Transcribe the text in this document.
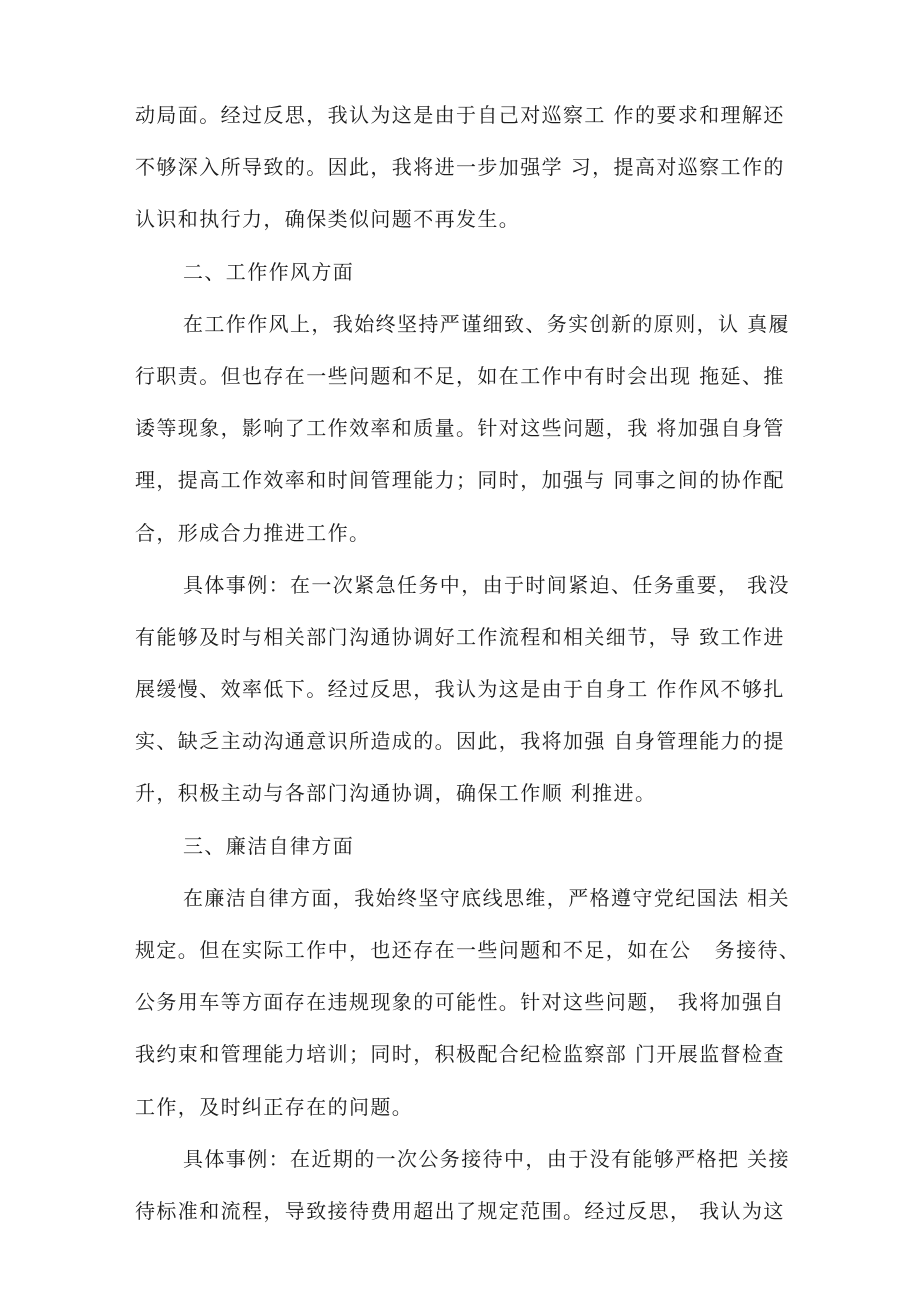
动局面。经过反思，我认为这是由于自己对巡察工 作的要求和理解还
不够深入所导致的。因此，我将进一步加强学 习，提高对巡察工作的
认识和执行力，确保类似问题不再发生。
二、工作作风方面
在工作作风上，我始终坚持严谨细致、务实创新的原则，认 真履
行职责。但也存在一些问题和不足，如在工作中有时会出现 拖延、推
诿等现象，影响了工作效率和质量。针对这些问题，我 将加强自身管
理，提高工作效率和时间管理能力；同时，加强与 同事之间的协作配
合，形成合力推进工作。
具体事例：在一次紧急任务中，由于时间紧迫、任务重要， 我没
有能够及时与相关部门沟通协调好工作流程和相关细节，导 致工作进
展缓慢、效率低下。经过反思，我认为这是由于自身工 作作风不够扎
实、缺乏主动沟通意识所造成的。因此，我将加强 自身管理能力的提
升，积极主动与各部门沟通协调，确保工作顺 利推进。
三、廉洁自律方面
在廉洁自律方面，我始终坚守底线思维，严格遵守党纪国法 相关
规定。但在实际工作中，也还存在一些问题和不足，如在公   务接待、
公务用车等方面存在违规现象的可能性。针对这些问题， 我将加强自
我约束和管理能力培训；同时，积极配合纪检监察部 门开展监督检查
工作，及时纠正存在的问题。
具体事例：在近期的一次公务接待中，由于没有能够严格把 关接
待标准和流程，导致接待费用超出了规定范围。经过反思， 我认为这
